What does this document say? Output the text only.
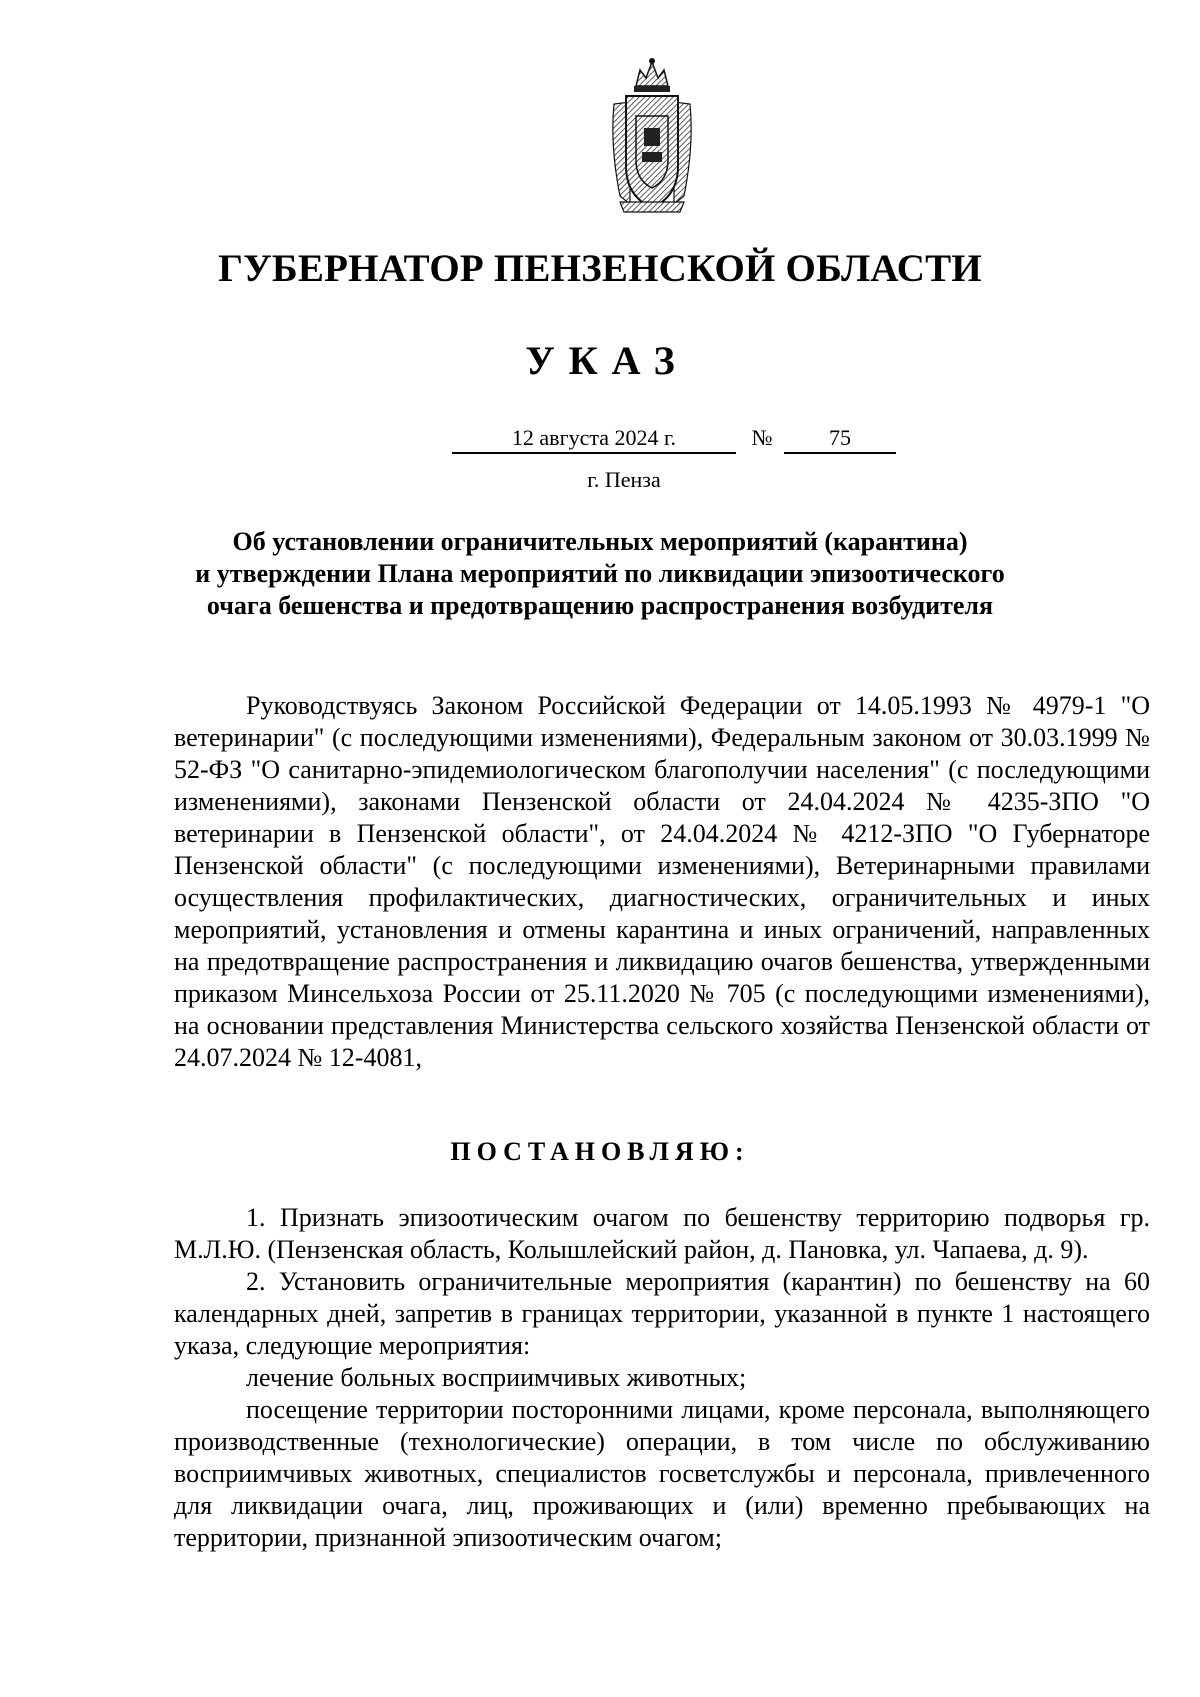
ГУБЕРНАТОР ПЕНЗЕНСКОЙ ОБЛАСТИ
УКАЗ
12 августа 2024 г.	№	75
г. Пенза
Об установлении ограничительных мероприятий (карантина)
и утверждении Плана мероприятий по ликвидации эпизоотического
очага бешенства и предотвращению распространения возбудителя

Руководствуясь Законом Российской Федерации от 14.05.1993 № 4979-1 "О ветеринарии" (с последующими изменениями), Федеральным законом от 30.03.1999 № 52-ФЗ "О санитарно-эпидемиологическом благополучии населения" (с последующими изменениями), законами Пензенской области от 24.04.2024 № 4235-ЗПО "О ветеринарии в Пензенской области", от 24.04.2024 № 4212-ЗПО "О Губернаторе Пензенской области" (с последующими изменениями), Ветеринарными правилами осуществления профилактических, диагностических, ограничительных и иных мероприятий, установления и отмены карантина и иных ограничений, направленных на предотвращение распространения и ликвидацию очагов бешенства, утвержденными приказом Минсельхоза России от 25.11.2020 № 705 (с последующими изменениями), на основании представления Министерства сельского хозяйства Пензенской области от 24.07.2024 № 12-4081,

ПОСТАНОВЛЯЮ:

1. Признать эпизоотическим очагом по бешенству территорию подворья гр. М.Л.Ю. (Пензенская область, Колышлейский район, д. Пановка, ул. Чапаева, д. 9).

2. Установить ограничительные мероприятия (карантин) по бешенству на 60 календарных дней, запретив в границах территории, указанной в пункте 1 настоящего указа, следующие мероприятия:

лечение больных восприимчивых животных;

посещение территории посторонними лицами, кроме персонала, выполняющего производственные (технологические) операции, в том числе по обслуживанию восприимчивых животных, специалистов госветслужбы и персонала, привлеченного для ликвидации очага, лиц, проживающих и (или) временно пребывающих на территории, признанной эпизоотическим очагом;
